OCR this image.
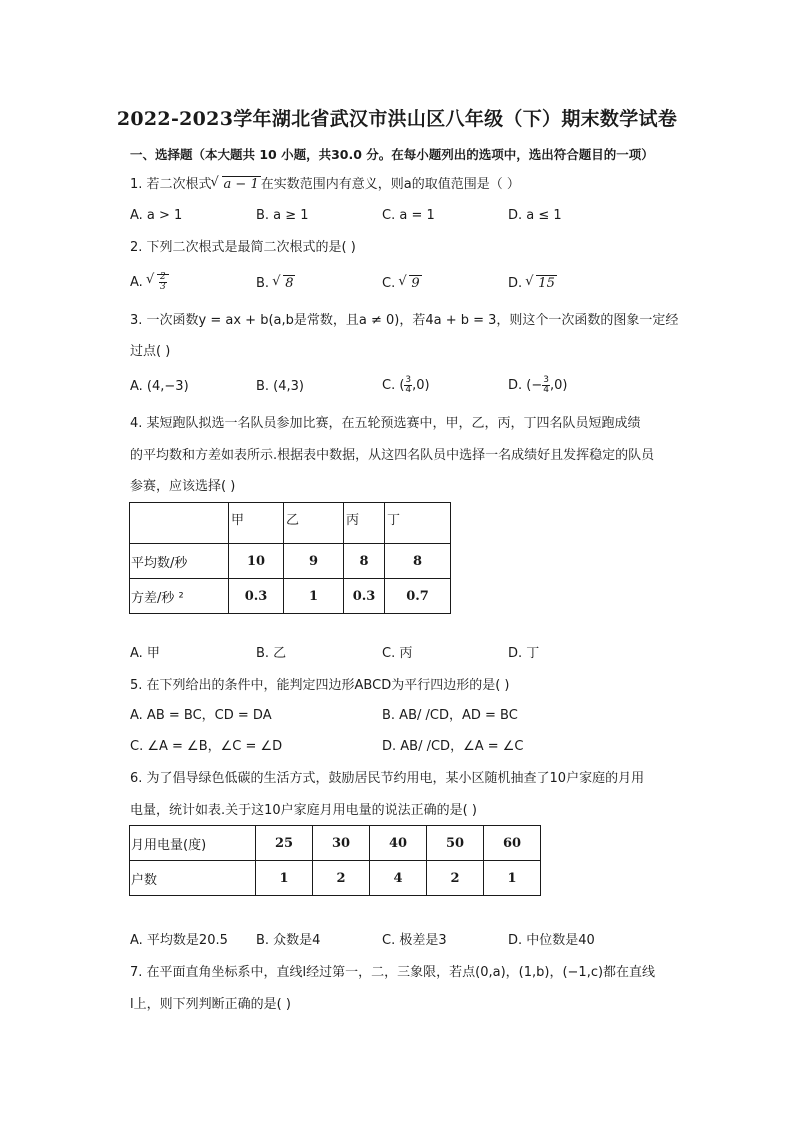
2022-2023学年湖北省武汉市洪山区八年级（下）期末数学试卷
一、选择题（本大题共 10 小题，共30.0 分。在每小题列出的选项中，选出符合题目的一项）
1. 若二次根式 √ a − 1 在实数范围内有意义，则a的取值范围是（ ）
A. a > 1	B. a ≥ 1	C. a = 1	D. a ≤ 1
2. 下列二次根式是最简二次根式的是( )
A. √ $\frac{2}{3}$	B. √ 8	C. √ 9	D. √ 15
3. 一次函数y = ax + b(a,b是常数，且a ≠ 0)，若4a + b = 3，则这个一次函数的图象一定经
过点( )
A. (4,−3)	B. (4,3)	C. ( $\frac{3}{4} ,0$)	D. (− $\frac{3}{4} ,0$)
4. 某短跑队拟选一名队员参加比赛，在五轮预选赛中，甲，乙，丙，丁四名队员短跑成绩
的平均数和方差如表所示.根据表中数据，从这四名队员中选择一名成绩好且发挥稳定的队员
参赛，应该选择( )
	甲	乙	丙	丁
平均数/秒	10	9	8	8
方差/秒 ²	0.3	1	0.3	0.7
A. 甲	B. 乙	C. 丙	D. 丁
5. 在下列给出的条件中，能判定四边形ABCD为平行四边形的是( )
A. AB = BC，CD = DA	B. AB/ /CD，AD = BC
C. ∠A = ∠B，∠C = ∠D	D. AB/ /CD，∠A = ∠C
6. 为了倡导绿色低碳的生活方式，鼓励居民节约用电，某小区随机抽查了10户家庭的月用
电量，统计如表.关于这10户家庭月用电量的说法正确的是( )
月用电量(度)	25	30	40	50	60
户数	1	2	4	2	1
A. 平均数是20.5 B. 众数是4	C. 极差是3	D. 中位数是40
7. 在平面直角坐标系中，直线l经过第一，二，三象限，若点(0,a)，(1,b)，(−1,c)都在直线
l上，则下列判断正确的是( )
